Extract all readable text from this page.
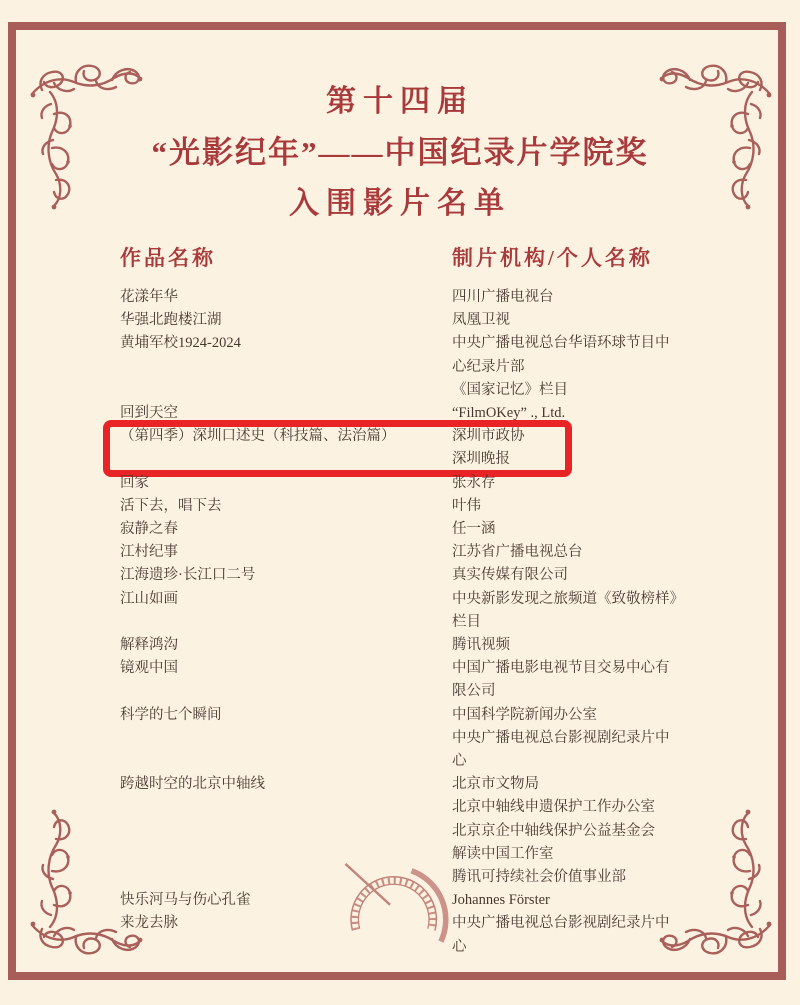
第十四届
“光影纪年”——中国纪录片学院奖
入围影片名单
作品名称	制片机构/个人名称
花漾年华	四川广播电视台
华强北跑楼江湖	凤凰卫视
黄埔军校1924-2024	中央广播电视总台华语环球节目中心纪录片部
《国家记忆》栏目
回到天空	“FilmOKey” ., Ltd.
（第四季）深圳口述史（科技篇、法治篇）	深圳市政协
深圳晚报
回家	张永存
活下去，唱下去	叶伟
寂静之春	任一涵
江村纪事	江苏省广播电视总台
江海遗珍·长江口二号	真实传媒有限公司
江山如画	中央新影发现之旅频道《致敬榜样》栏目
解释鸿沟	腾讯视频
镜观中国	中国广播电影电视节目交易中心有限公司
科学的七个瞬间	中国科学院新闻办公室
中央广播电视总台影视剧纪录片中心
跨越时空的北京中轴线	北京市文物局
北京中轴线申遗保护工作办公室
北京京企中轴线保护公益基金会
解读中国工作室
腾讯可持续社会价值事业部
快乐河马与伤心孔雀	Johannes Förster
来龙去脉	中央广播电视总台影视剧纪录片中心
